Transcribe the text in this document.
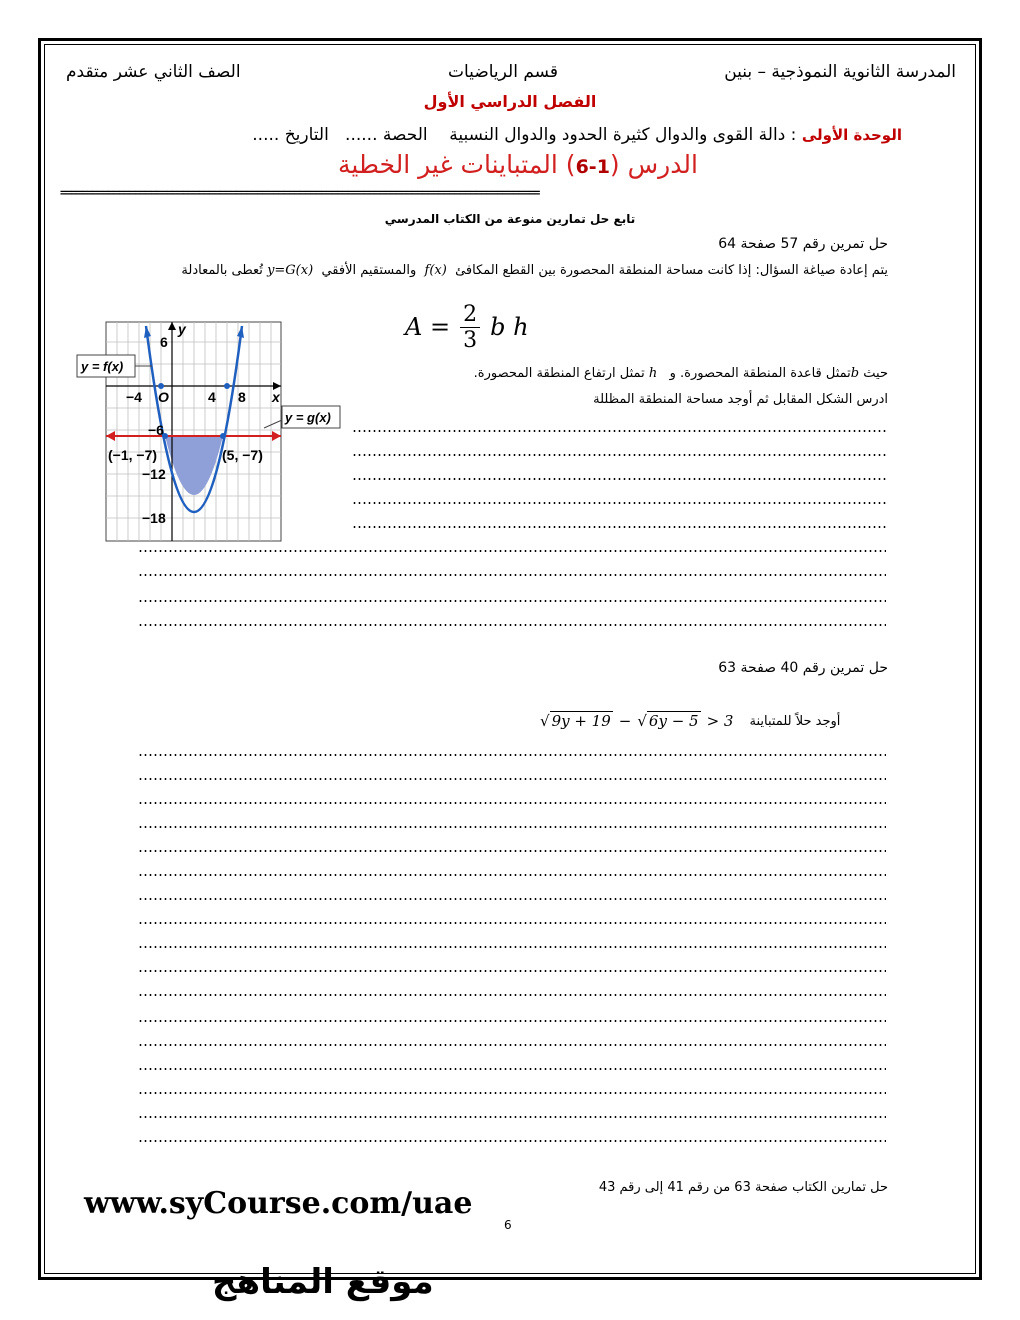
المدرسة الثانوية النموذجية – بنين
قسم الرياضيات
الصف الثاني عشر متقدم
الفصل الدراسي الأول
الوحدة الأولى : دالة القوى والدوال كثيرة الحدود والدوال النسبية    الحصة ......   التاريخ .....
الدرس (1-6) المتباينات غير الخطية
==========================================================================================
تابع حل تمارين منوعة من الكتاب المدرسي
حل تمرين رقم 57 صفحة 64
يتم إعادة صياغة السؤال: إذا كانت مساحة المنطقة المحصورة بين القطع المكافئ  f(x)  والمستقيم الأفقي  y=G(x) تُعطى بالمعادلة
A = 2
3 b h
حيث bتمثل قاعدة المنطقة المحصورة. و   h تمثل ارتفاع المنطقة المحصورة.
ادرس الشكل المقابل ثم أوجد مساحة المنطقة المظللة
y
x
O
−4	4 8
6
−6
−12
−18
(−1, −7)	(5, −7)
y = f(x)
y = g(x)
حل تمرين رقم 40 صفحة 63
√ 9y + 19 − √ 6y − 5 > 3 أوجد حلاً للمتباينة
حل تمارين الكتاب صفحة 63 من رقم 41 إلى رقم 43
www.syCourse.com/uae
6
موقع المناهج
